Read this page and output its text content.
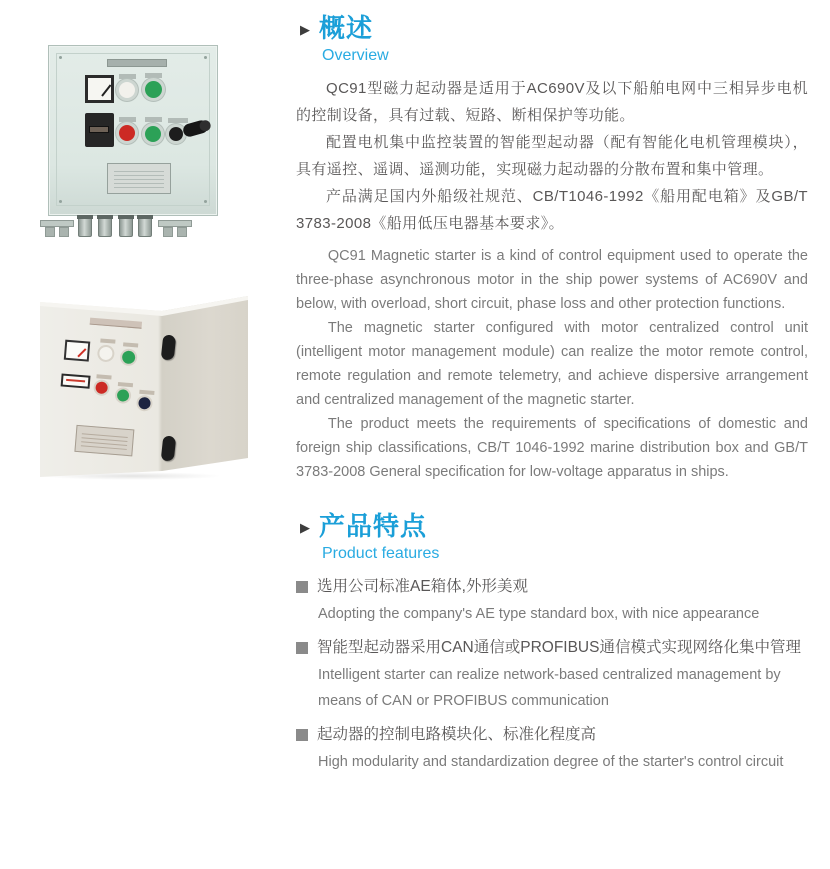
▶ 概述
Overview

QC91型磁力起动器是适用于AC690V及以下船舶电网中三相异步电机的控制设备，具有过载、短路、断相保护等功能。

配置电机集中监控装置的智能型起动器（配有智能化电机管理模块），具有遥控、遥调、遥测功能，实现磁力起动器的分散布置和集中管理。

产品满足国内外船级社规范、CB/T1046-1992《船用配电箱》及GB/T 3783-2008《船用低压电器基本要求》。

QC91 Magnetic starter is a kind of control equipment used to operate the three-phase asynchronous motor in the ship power systems of AC690V and below, with overload, short circuit, phase loss and other protection functions.

The magnetic starter configured with motor centralized control unit (intelligent motor management module) can realize the motor remote control, remote regulation and remote telemetry, and achieve dispersive arrangement and centralized management of the magnetic starter.

The product meets the requirements of specifications of domestic and foreign ship classifications, CB/T 1046-1992 marine distribution box and GB/T 3783-2008 General specification for low-voltage apparatus in ships.

▶ 产品特点
Product features
选用公司标准AE箱体,外形美观
Adopting the company's AE type standard box, with nice appearance
智能型起动器采用CAN通信或PROFIBUS通信模式实现网络化集中管理
Intelligent starter can realize network-based centralized management by means of CAN or PROFIBUS communication
起动器的控制电路模块化、标准化程度高
High modularity and standardization degree of the starter's control circuit
